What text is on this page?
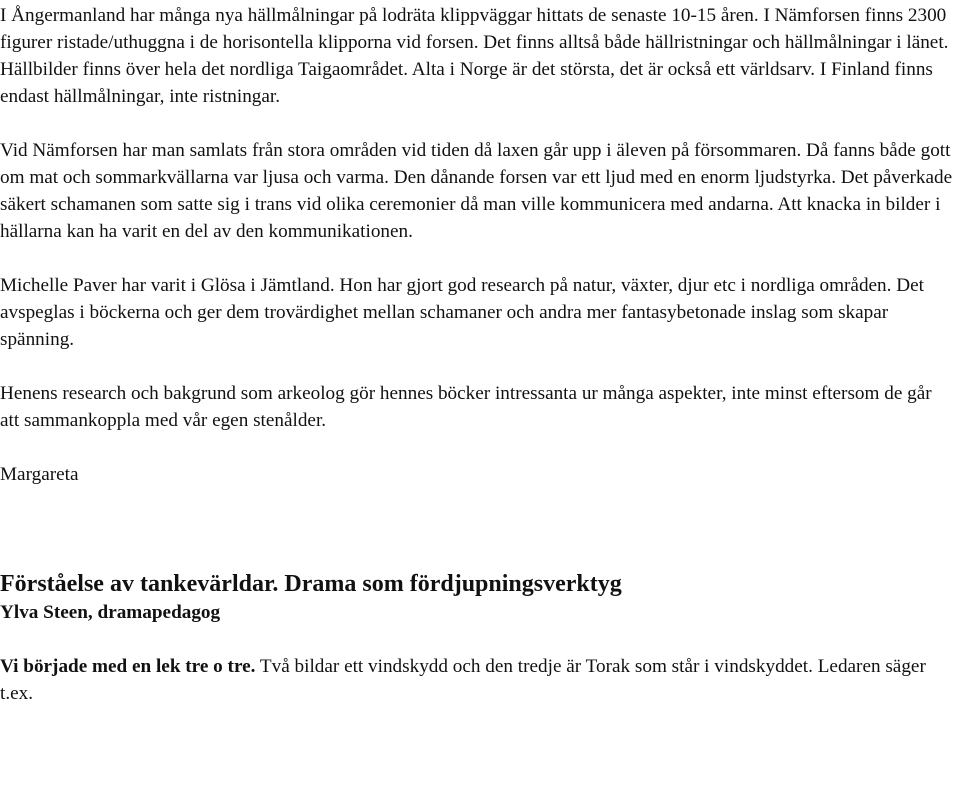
I Ångermanland har många nya hällmålningar på lodräta klippväggar hittats de senaste 10-15 åren. I Nämforsen finns 2300 figurer ristade/uthuggna i de horisontella klipporna vid forsen. Det finns alltså både hällristningar och hällmålningar i länet. Hällbilder finns över hela det nordliga Taigaområdet. Alta i Norge är det största, det är också ett världsarv. I Finland finns endast hällmålningar, inte ristningar.

Vid Nämforsen har man samlats från stora områden vid tiden då laxen går upp i äleven på försommaren. Då fanns både gott om mat och sommarkvällarna var ljusa och varma. Den dånande forsen var ett ljud med en enorm ljudstyrka. Det påverkade säkert schamanen som satte sig i trans vid olika ceremonier då man ville kommunicera med andarna. Att knacka in bilder i hällarna kan ha varit en del av den kommunikationen.

Michelle Paver har varit i Glösa i Jämtland. Hon har gjort god research på natur, växter, djur etc i nordliga områden. Det avspeglas i böckerna och ger dem trovärdighet mellan schamaner och andra mer fantasybetonade inslag som skapar spänning.

Henens research och bakgrund som arkeolog gör hennes böcker intressanta ur många aspekter, inte minst eftersom de går att sammankoppla med vår egen stenålder.

Margareta

Förståelse av tankevärldar. Drama som fördjupningsverktyg

Ylva Steen, dramapedagog

Vi började med en lek tre o tre. Två bildar ett vindskydd och den tredje är Torak som står i vindskyddet. Ledaren säger t.ex.
